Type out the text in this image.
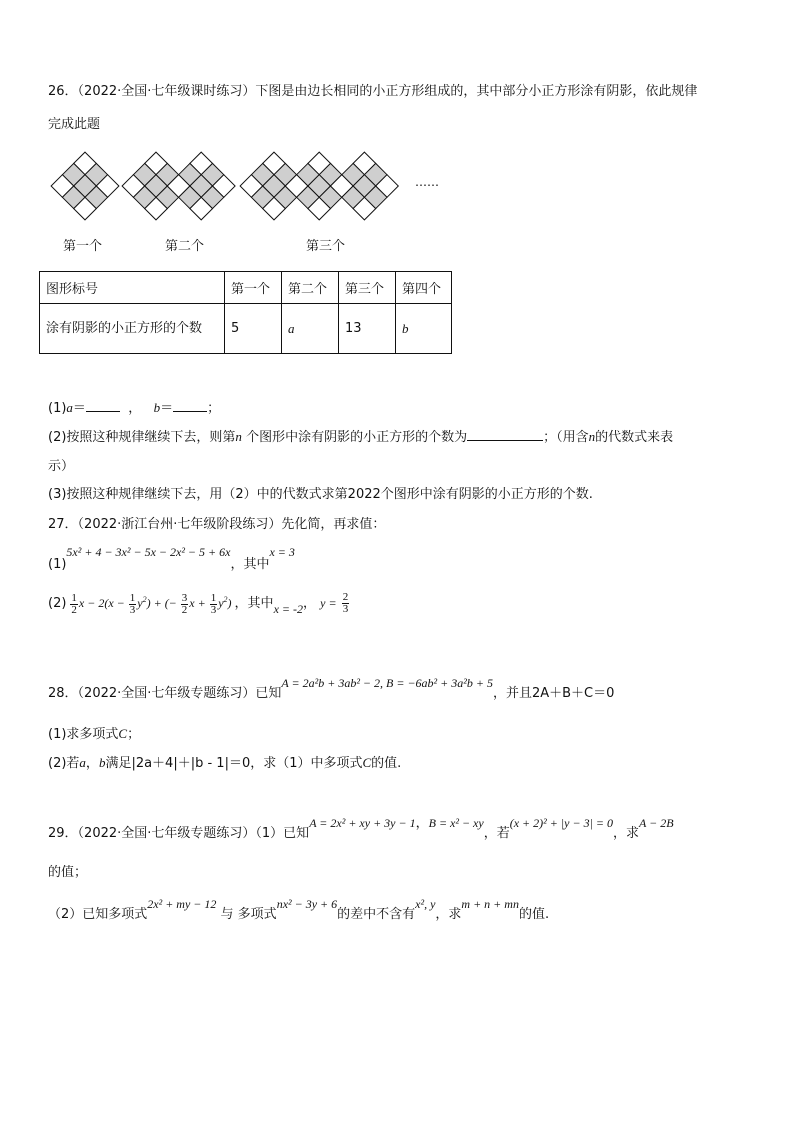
26．（2022·全国·七年级课时练习）下图是由边长相同的小正方形组成的，其中部分小正方形涂有阴影，依此规律
完成此题
……
第一个	第二个	第三个
图形标号	第一个	第二个	第三个	第四个
涂有阴影的小正方形的个数	5	a	13	b
(1)a＝	， b＝	；
(2)按照这种规律继续下去，则第n 个图形中涂有阴影的小正方形的个数为	；（用含n的代数式来表
示）
(3)按照这种规律继续下去，用（2）中的代数式求第2022个图形中涂有阴影的小正方形的个数.
27．（2022·浙江台州·七年级阶段练习）先化简，再求值：
(1)5x² + 4 − 3x² − 5x − 2x² − 5 + 6x，其中x = 3
$(2) \frac{1}{2}$ $x - 2(x - \frac{1}{3} y^2)$ + (− $\frac{3}{2}$ $x + \frac{1}{3} y^2$) ，其中x = -2， $y = \frac{2}{3}$
28．（2022·全国·七年级专题练习）已知A = 2a²b + 3ab² − 2, B = −6ab² + 3a²b + 5，并且2A＋B＋C＝0
(1)求多项式C；
(2)若a，b满足|2a＋4|＋|b - 1|＝0，求（1）中多项式C的值.
29．（2022·全国·七年级专题练习）（1）已知A = 2x² + xy + 3y − 1，B = x² − xy，若(x + 2)² + |y − 3| = 0，求A − 2B
的值；
（2）已知多项式2x² + my − 12 与 多项式nx² − 3y + 6的差中不含有x², y，求m + n + mn的值.
